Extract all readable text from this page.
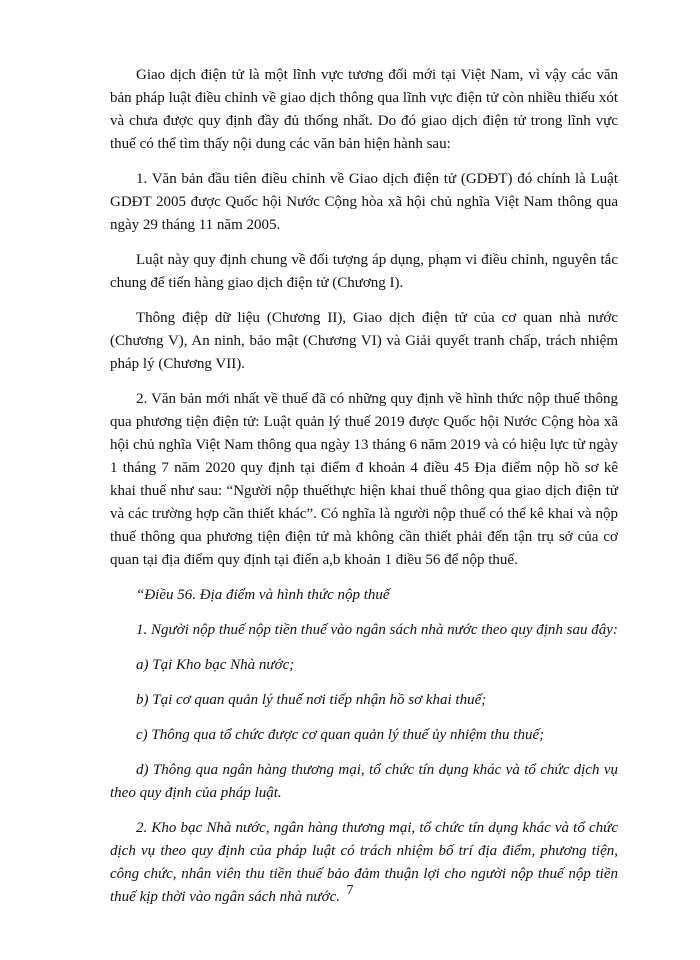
Giao dịch điện tử là một lĩnh vực tương đối mới tại Việt Nam, vì vậy các văn bản pháp luật điều chỉnh về giao dịch thông qua lĩnh vực điện tử còn nhiều thiếu xót và chưa được quy định đầy đủ thống nhất. Do đó giao dịch điện tử trong lĩnh vực thuế có thể tìm thấy nội dung các văn bản hiện hành sau:

1. Văn bản đầu tiên điều chỉnh về Giao dịch điện tử (GDĐT) đó chính là Luật GDĐT 2005 được Quốc hội Nước Cộng hòa xã hội chủ nghĩa Việt Nam thông qua ngày 29 tháng 11 năm 2005.

Luật này quy định chung về đối tượng áp dụng, phạm vi điều chỉnh, nguyên tắc chung để tiến hàng giao dịch điện tử (Chương I).

Thông điệp dữ liệu (Chương II), Giao dịch điện tử của cơ quan nhà nước (Chương V), An ninh, bảo mật (Chương VI) và Giải quyết tranh chấp, trách nhiệm pháp lý (Chương VII).

2. Văn bản mới nhất về thuế đã có những quy định về hình thức nộp thuế thông qua phương tiện điện tử: Luật quản lý thuế 2019 được Quốc hội Nước Cộng hòa xã hội chủ nghĩa Việt Nam thông qua ngày 13 tháng 6 năm 2019 và có hiệu lực từ ngày 1 tháng 7 năm 2020 quy định tại điểm đ khoản 4 điều 45 Địa điểm nộp hồ sơ kê khai thuế như sau: “Người nộp thuếthực hiện khai thuế thông qua giao dịch điện tử và các trường hợp cần thiết khác”. Có nghĩa là người nộp thuế có thể kê khai và nộp thuế thông qua phương tiện điện tử mà không cần thiết phải đến tận trụ sở của cơ quan tại địa điểm quy định tại điển a,b khoản 1 điều 56 để nộp thuế.

“Điều 56. Địa điểm và hình thức nộp thuế

1. Người nộp thuế nộp tiền thuế vào ngân sách nhà nước theo quy định sau đây:

a) Tại Kho bạc Nhà nước;

b) Tại cơ quan quản lý thuế nơi tiếp nhận hồ sơ khai thuế;

c) Thông qua tổ chức được cơ quan quản lý thuế ủy nhiệm thu thuế;

d) Thông qua ngân hàng thương mại, tổ chức tín dụng khác và tổ chức dịch vụ theo quy định của pháp luật.

2. Kho bạc Nhà nước, ngân hàng thương mại, tổ chức tín dụng khác và tổ chức dịch vụ theo quy định của pháp luật có trách nhiệm bố trí địa điểm, phương tiện, công chức, nhân viên thu tiền thuế bảo đảm thuận lợi cho người nộp thuế nộp tiền thuế kịp thời vào ngân sách nhà nước. 7
